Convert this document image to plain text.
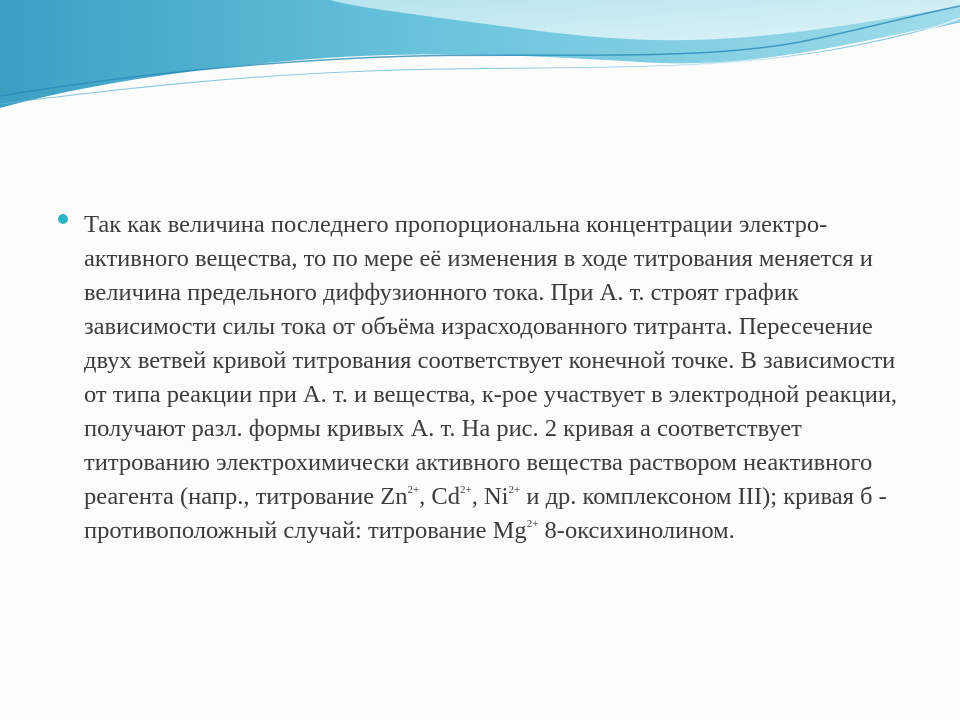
Так как величина последнего пропорциональна концентрации электро- активного вещества, то по мере её изменения в ходе титрования меняется и величина предельного диффузионного тока. При А. т. строят график зависимости силы тока от объёма израсходованного титранта. Пересечение двух ветвей кривой титрования соответствует конечной точке. В зависимости от типа реакции при А. т. и вещества, к-рое участвует в электродной реакции, получают разл. формы кривых А. т. На рис. 2 кривая а соответствует титрованию электрохимически активного вещества раствором неактивного реагента (напр., титрование $Zn^{2+}$, $Cd^{2+}$, $Ni^{2+}$ и др. комплексоном III); кривая б - противоположный случай: титрование $Mg^{2+}$ 8-оксихинолином.
